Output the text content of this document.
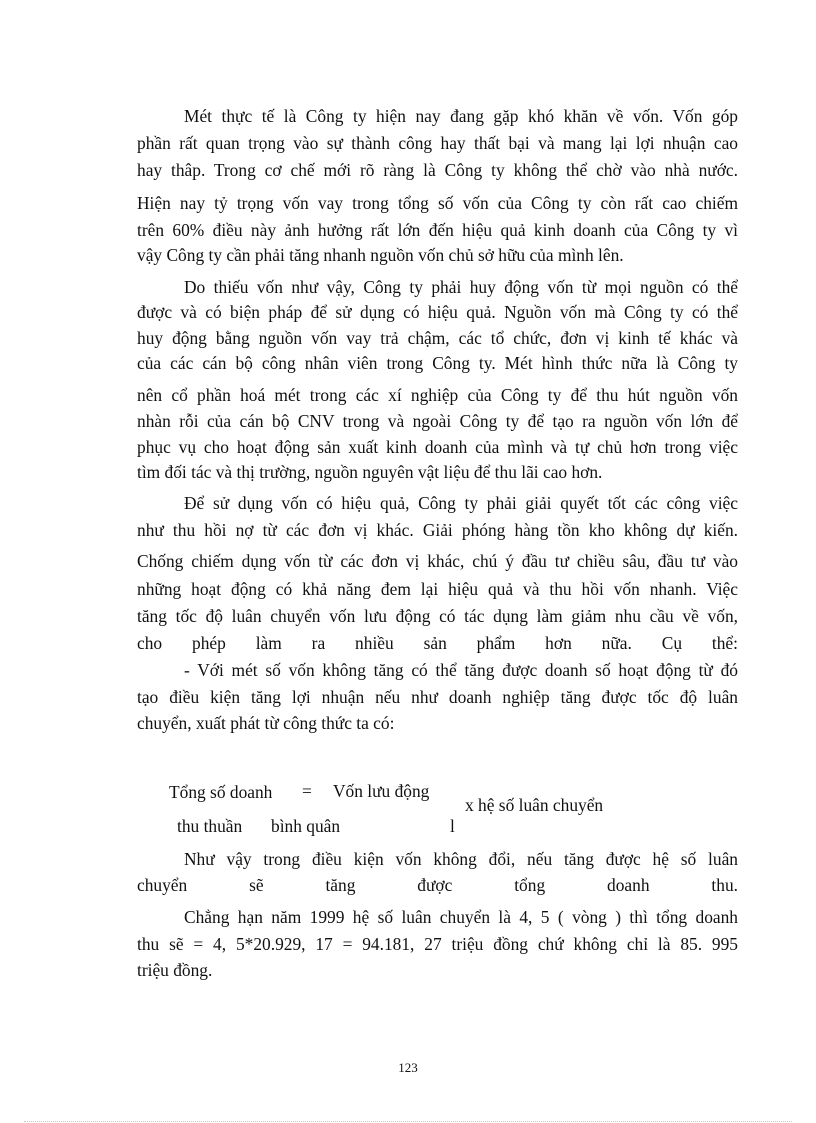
Mét thực tế là Công ty hiện nay đang gặp khó khăn về vốn. Vốn góp
phần rất quan trọng vào sự thành công hay thất bại và mang lại lợi nhuận cao
hay thâp. Trong cơ chế mới rõ ràng là Công ty không thể chờ vào nhà nước.
Hiện nay tỷ trọng vốn vay trong tổng số vốn của Công ty còn rất cao chiếm
trên 60% điều này ảnh hưởng rất lớn đến hiệu quả kinh doanh của Công ty vì
vậy Công ty cần phải tăng nhanh nguồn vốn chủ sở hữu của mình lên.
Do thiếu vốn như vậy, Công ty phải huy động vốn từ mọi nguồn có thể
được và có biện pháp để sử dụng có hiệu quả. Nguồn vốn mà Công ty có thể
huy động bằng nguồn vốn vay trả chậm, các tổ chức, đơn vị kinh tế khác và
của các cán bộ công nhân viên trong Công ty. Mét hình thức nữa là Công ty
nên cổ phần hoá mét trong các xí nghiệp của Công ty để thu hút nguồn vốn
nhàn rỗi của cán bộ CNV trong và ngoài Công ty để tạo ra nguồn vốn lớn để
phục vụ cho hoạt động sản xuất kinh doanh của mình và tự chủ hơn trong việc
tìm đối tác và thị trường, nguồn nguyên vật liệu để thu lãi cao hơn.
Để sử dụng vốn có hiệu quả, Công ty phải giải quyết tốt các công việc
như thu hồi nợ từ các đơn vị khác. Giải phóng hàng tồn kho không dự kiến.
Chống chiếm dụng vốn từ các đơn vị khác, chú ý đầu tư chiều sâu, đầu tư vào
những hoạt động có khả năng đem lại hiệu quả và thu hồi vốn nhanh. Việc
tăng tốc độ luân chuyển vốn lưu động có tác dụng làm giảm nhu cầu về vốn,
cho phép làm ra nhiều sản phẩm hơn nữa. Cụ thể:
- Với mét số vốn không tăng có thể tăng được doanh số hoạt động từ đó
tạo điều kiện tăng lợi nhuận nếu như doanh nghiệp tăng được tốc độ luân
chuyển, xuất phát từ công thức ta có:
Tổng số doanh = Vốn lưu động
x hệ số luân chuyển
thu thuần bình quân	l
Như vậy trong điều kiện vốn không đổi, nếu tăng được hệ số luân
chuyển sẽ tăng được tổng doanh thu.
Chẳng hạn năm 1999 hệ số luân chuyển là 4, 5 ( vòng ) thì tổng doanh
thu sẽ = 4, 5*20.929, 17 = 94.181, 27 triệu đồng chứ không chỉ là 85. 995
triệu đồng.
123
